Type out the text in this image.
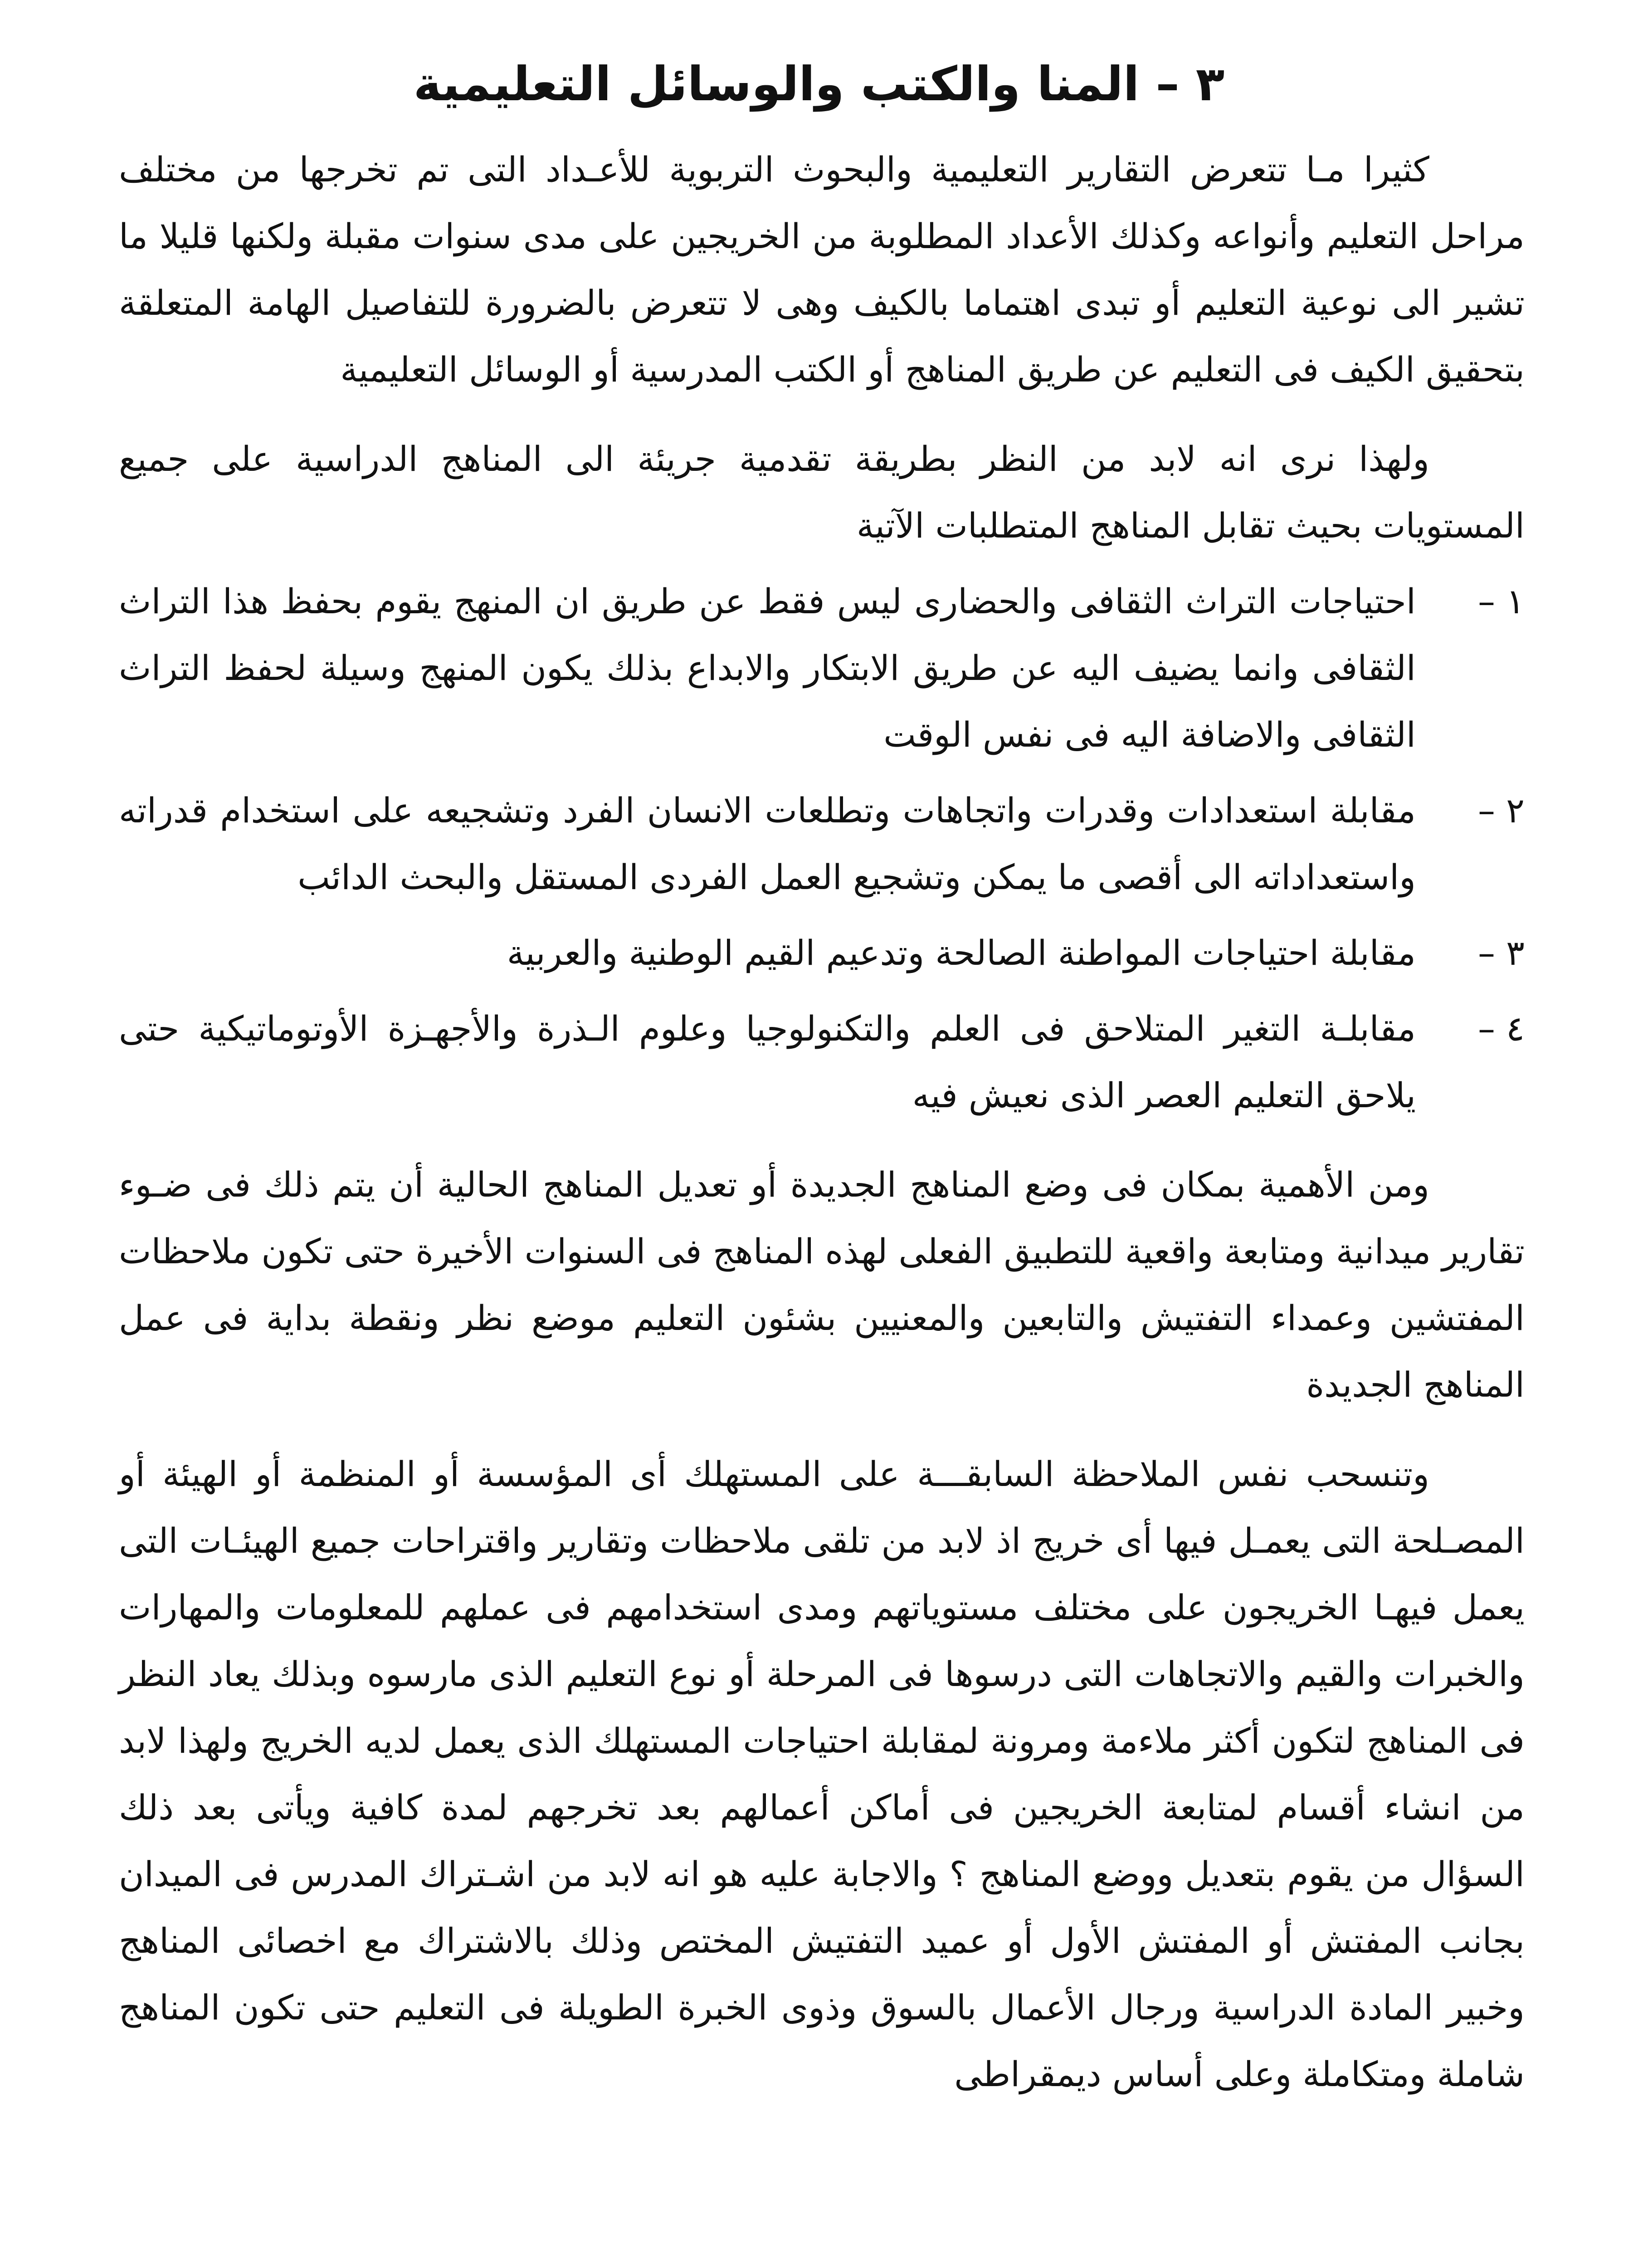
٣ – المنا والكتب والوسائل التعليمية

كثيرا مـا تتعرض التقارير التعليمية والبحوث التربوية للأعـداد التى تم تخرجها من مختلف مراحل التعليم وأنواعه وكذلك الأعداد المطلوبة من الخريجين على مدى سنوات مقبلة ولكنها قليلا ما تشير الى نوعية التعليم أو تبدى اهتماما بالكيف وهى لا تتعرض بالضرورة للتفاصيل الهامة المتعلقة بتحقيق الكيف فى التعليم عن طريق المناهج أو الكتب المدرسية أو الوسائل التعليمية

ولهذا نرى انه لابد من النظر بطريقة تقدمية جريئة الى المناهج الدراسية على جميع المستويات بحيث تقابل المناهج المتطلبات الآتية

١ –
احتياجات التراث الثقافى والحضارى ليس فقط عن طريق ان المنهج يقوم بحفظ هذا التراث الثقافى وانما يضيف اليه عن طريق الابتكار والابداع بذلك يكون المنهج وسيلة لحفظ التراث الثقافى والاضافة اليه فى نفس الوقت
٢ –
مقابلة استعدادات وقدرات واتجاهات وتطلعات الانسان الفرد وتشجيعه على استخدام قدراته واستعداداته الى أقصى ما يمكن وتشجيع العمل الفردى المستقل والبحث الدائب
٣ –
مقابلة احتياجات المواطنة الصالحة وتدعيم القيم الوطنية والعربية
٤ –
مقابلـة التغير المتلاحق فى العلم والتكنولوجيا وعلوم الـذرة والأجهـزة الأوتوماتيكية حتى يلاحق التعليم العصر الذى نعيش فيه

ومن الأهمية بمكان فى وضع المناهج الجديدة أو تعديل المناهج الحالية أن يتم ذلك فى ضـوء تقارير ميدانية ومتابعة واقعية للتطبيق الفعلى لهذه المناهج فى السنوات الأخيرة حتى تكون ملاحظات المفتشين وعمداء التفتيش والتابعين والمعنيين بشئون التعليم موضع نظر ونقطة بداية فى عمل المناهج الجديدة

وتنسحب نفس الملاحظة السابقـــة على المستهلك أى المؤسسة أو المنظمة أو الهيئة أو المصـلحة التى يعمـل فيها أى خريج اذ لابد من تلقى ملاحظات وتقارير واقتراحات جميع الهيئـات التى يعمل فيهـا الخريجون على مختلف مستوياتهم ومدى استخدامهم فى عملهم للمعلومات والمهارات والخبرات والقيم والاتجاهات التى درسوها فى المرحلة أو نوع التعليم الذى مارسوه وبذلك يعاد النظر فى المناهج لتكون أكثر ملاءمة ومرونة لمقابلة احتياجات المستهلك الذى يعمل لديه الخريج ولهذا لابد من انشاء أقسام لمتابعة الخريجين فى أماكن أعمالهم بعد تخرجهم لمدة كافية ويأتى بعد ذلك السؤال من يقوم بتعديل ووضع المناهج ؟ والاجابة عليه هو انه لابد من اشـتراك المدرس فى الميدان بجانب المفتش أو المفتش الأول أو عميد التفتيش المختص وذلك بالاشتراك مع اخصائى المناهج وخبير المادة الدراسية ورجال الأعمال بالسوق وذوى الخبرة الطويلة فى التعليم حتى تكون المناهج شاملة ومتكاملة وعلى أساس ديمقراطى
